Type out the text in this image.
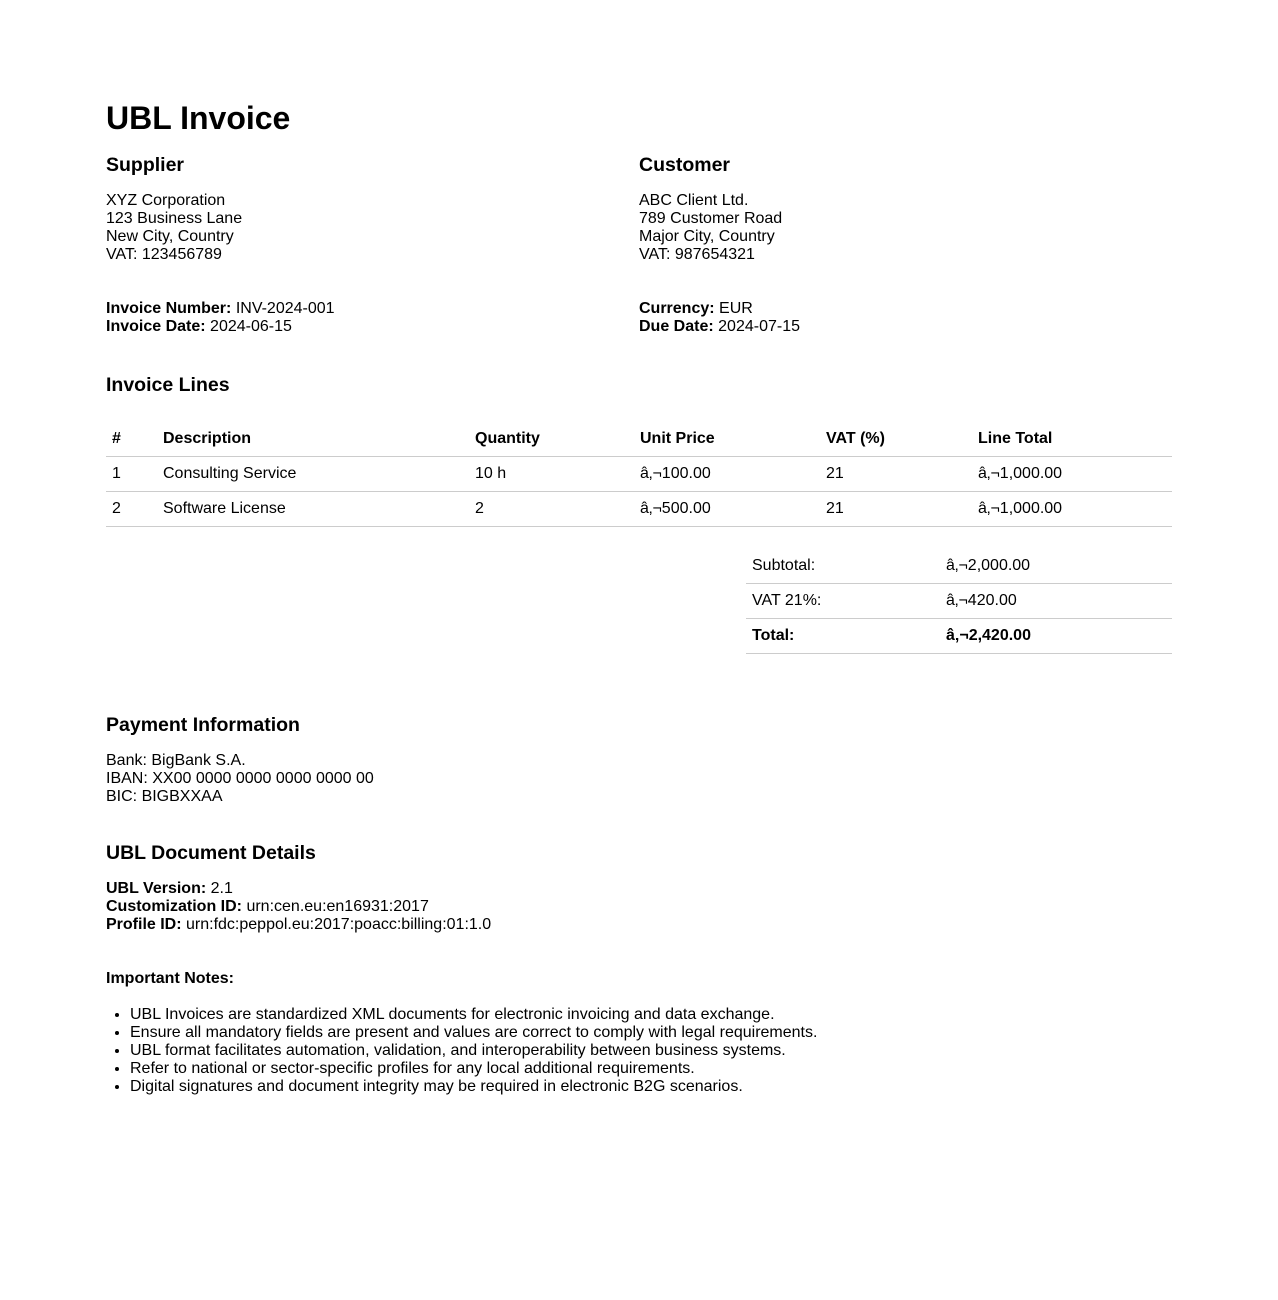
UBL Invoice
Supplier
XYZ Corporation
123 Business Lane
New City, Country
VAT: 123456789
Customer
ABC Client Ltd.
789 Customer Road
Major City, Country
VAT: 987654321
Invoice Number: INV-2024-001
Invoice Date: 2024-06-15
Currency: EUR
Due Date: 2024-07-15
Invoice Lines
#	Description	Quantity	Unit Price	VAT (%)	Line Total
1	Consulting Service	10 h	â‚¬100.00	21	â‚¬1,000.00
2	Software License	2	â‚¬500.00	21	â‚¬1,000.00
Subtotal:	â‚¬2,000.00
VAT 21%:	â‚¬420.00
Total:	â‚¬2,420.00
Payment Information
Bank: BigBank S.A.
IBAN: XX00 0000 0000 0000 0000 00
BIC: BIGBXXAA
UBL Document Details
UBL Version: 2.1
Customization ID: urn:cen.eu:en16931:2017
Profile ID: urn:fdc:peppol.eu:2017:poacc:billing:01:1.0
Important Notes:
• UBL Invoices are standardized XML documents for electronic invoicing and data exchange.
• Ensure all mandatory fields are present and values are correct to comply with legal requirements.
• UBL format facilitates automation, validation, and interoperability between business systems.
• Refer to national or sector-specific profiles for any local additional requirements.
• Digital signatures and document integrity may be required in electronic B2G scenarios.
